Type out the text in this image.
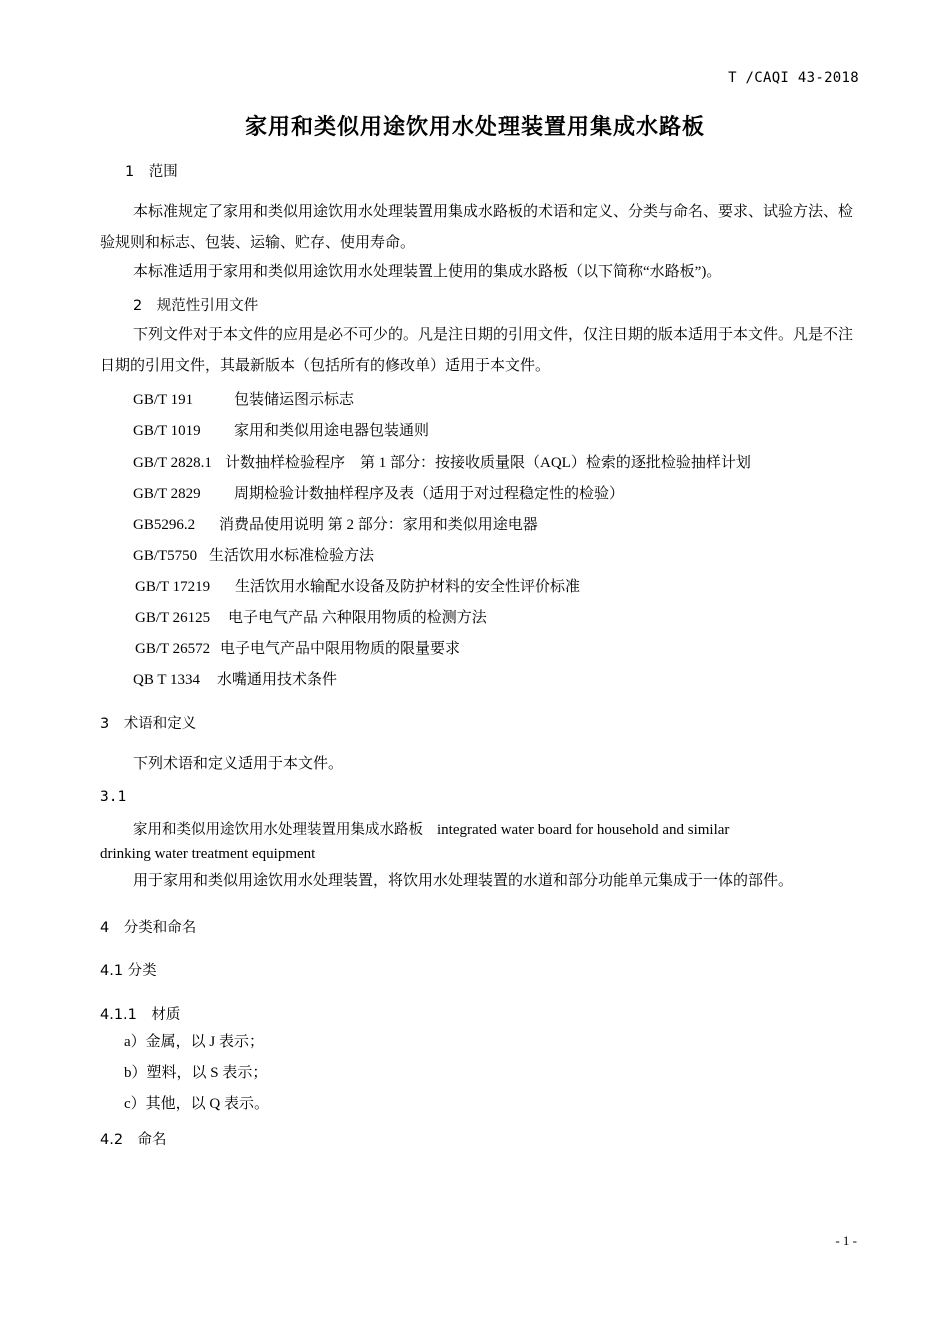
T /CAQI 43-2018
家用和类似用途饮用水处理装置用集成水路板
1　范围
本标准规定了家用和类似用途饮用水处理装置用集成水路板的术语和定义、分类与命名、要求、试验方法、检验规则和标志、包装、运输、贮存、使用寿命。
本标准适用于家用和类似用途饮用水处理装置上使用的集成水路板（以下简称“水路板”)。
2　规范性引用文件
下列文件对于本文件的应用是必不可少的。凡是注日期的引用文件，仅注日期的版本适用于本文件。凡是不注日期的引用文件，其最新版本（包括所有的修改单）适用于本文件。
GB/T 191	包装储运图示标志
GB/T 1019 家用和类似用途电器包装通则
GB/T 2828.1 计数抽样检验程序　第 1 部分：按接收质量限（AQL）检索的逐批检验抽样计划
GB/T 2829 周期检验计数抽样程序及表（适用于对过程稳定性的检验）
GB5296.2 消费品使用说明 第 2 部分：家用和类似用途电器
GB/T5750 生活饮用水标准检验方法
GB/T 17219 生活饮用水输配水设备及防护材料的安全性评价标准
GB/T 26125 电子电气产品 六种限用物质的检测方法
GB/T 26572 电子电气产品中限用物质的限量要求
QB T 1334 水嘴通用技术条件
3　术语和定义
下列术语和定义适用于本文件。
3.1
家用和类似用途饮用水处理装置用集成水路板 integrated water board for household and similar
drinking water treatment equipment
用于家用和类似用途饮用水处理装置，将饮用水处理装置的水道和部分功能单元集成于一体的部件。
4　分类和命名
4.1 分类
4.1.1　材质
a）金属，以 J 表示；
b）塑料，以 S 表示；
c）其他，以 Q 表示。
4.2　命名
- 1 -
